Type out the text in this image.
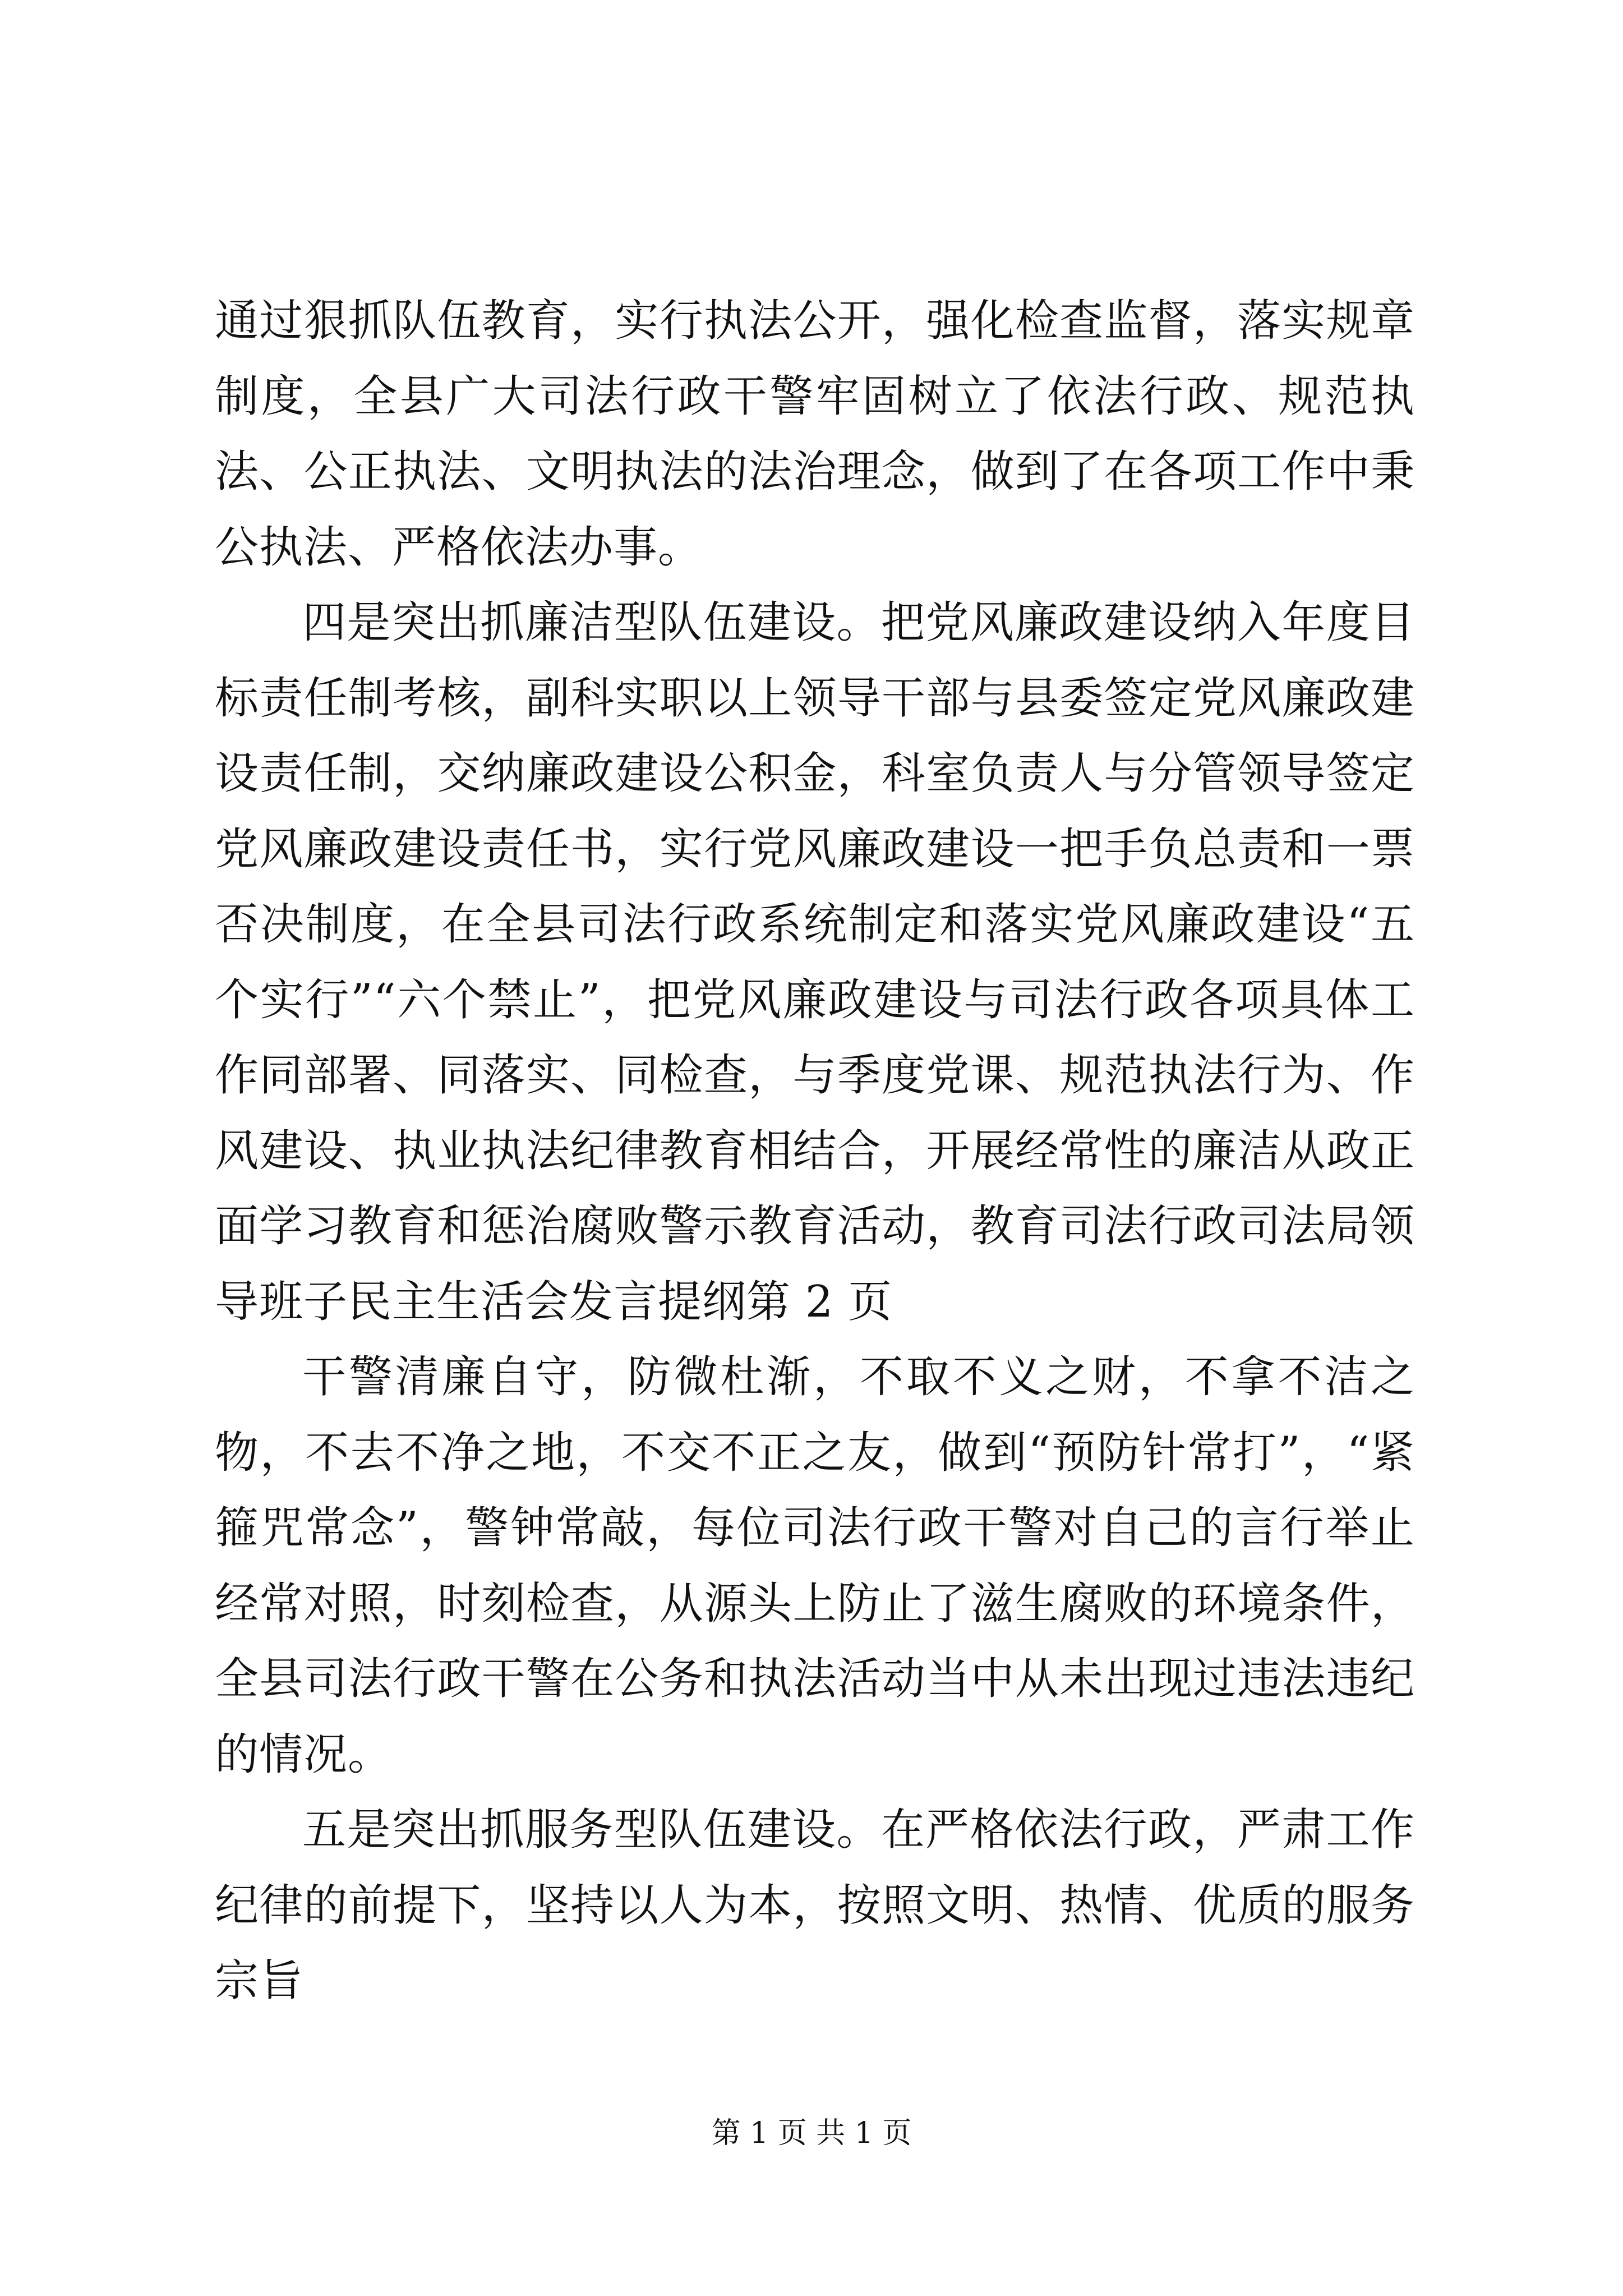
通过狠抓队伍教育，实行执法公开，强化检查监督，落实规章制度，全县广大司法行政干警牢固树立了依法行政、规范执法、公正执法、文明执法的法治理念，做到了在各项工作中秉公执法、严格依法办事。

四是突出抓廉洁型队伍建设。把党风廉政建设纳入年度目标责任制考核，副科实职以上领导干部与县委签定党风廉政建设责任制，交纳廉政建设公积金，科室负责人与分管领导签定党风廉政建设责任书，实行党风廉政建设一把手负总责和一票否决制度，在全县司法行政系统制定和落实党风廉政建设“五个实行”“六个禁止”，把党风廉政建设与司法行政各项具体工作同部署、同落实、同检查，与季度党课、规范执法行为、作风建设、执业执法纪律教育相结合，开展经常性的廉洁从政正面学习教育和惩治腐败警示教育活动，教育司法行政司法局领导班子民主生活会发言提纲第 2 页

干警清廉自守，防微杜渐，不取不义之财，不拿不洁之物，不去不净之地，不交不正之友，做到“预防针常打”，“紧箍咒常念”，警钟常敲，每位司法行政干警对自己的言行举止经常对照，时刻检查，从源头上防止了滋生腐败的环境条件，全县司法行政干警在公务和执法活动当中从未出现过违法违纪的情况。

五是突出抓服务型队伍建设。在严格依法行政，严肃工作纪律的前提下，坚持以人为本，按照文明、热情、优质的服务宗旨

第 1 页 共 1 页
